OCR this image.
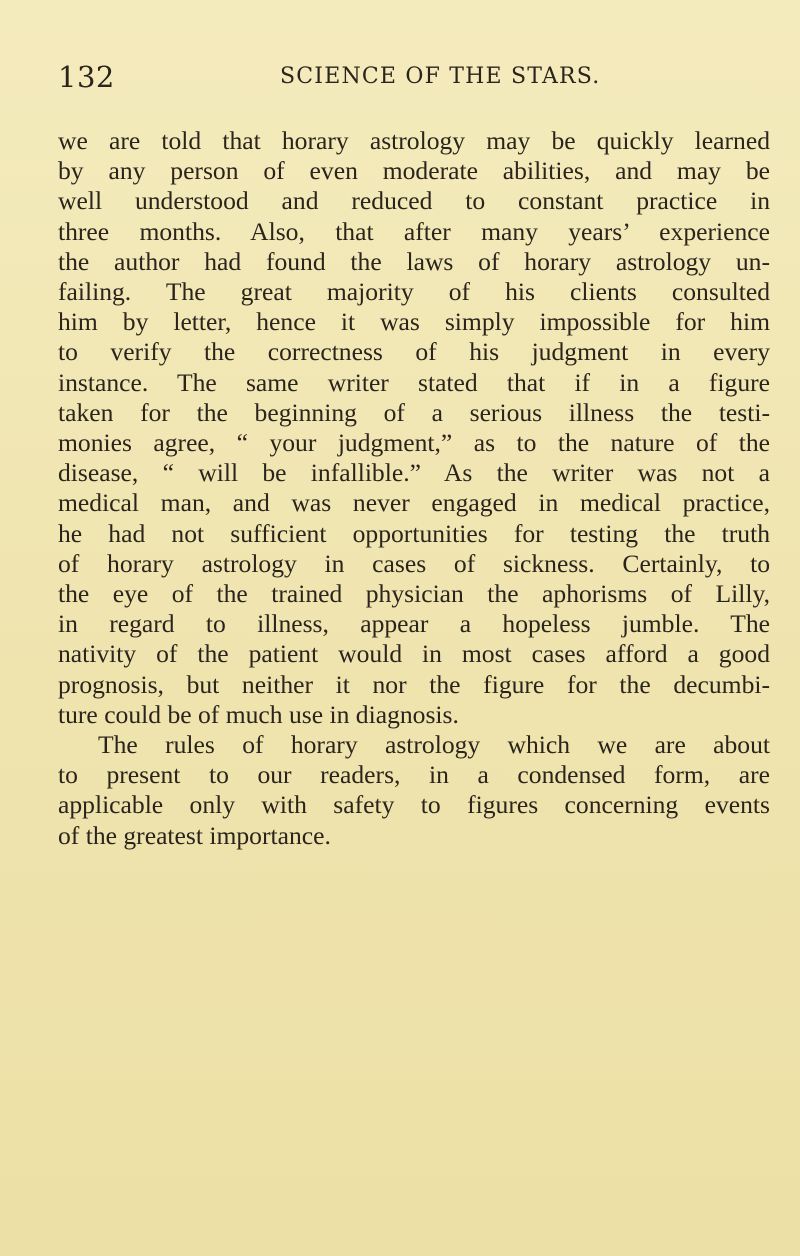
132	SCIENCE OF THE STARS.
we are told that horary astrology may be quickly learned
by any person of even moderate abilities, and may be
well understood and reduced to constant practice in
three months. Also, that after many years’ experience
the author had found the laws of horary astrology un-
failing. The great majority of his clients consulted
him by letter, hence it was simply impossible for him
to verify the correctness of his judgment in every
instance. The same writer stated that if in a figure
taken for the beginning of a serious illness the testi-
monies agree, “ your judgment,” as to the nature of the
disease, “ will be infallible.” As the writer was not a
medical man, and was never engaged in medical practice,
he had not sufficient opportunities for testing the truth
of horary astrology in cases of sickness. Certainly, to
the eye of the trained physician the aphorisms of Lilly,
in regard to illness, appear a hopeless jumble. The
nativity of the patient would in most cases afford a good
prognosis, but neither it nor the figure for the decumbi-
ture could be of much use in diagnosis.
The rules of horary astrology which we are about
to present to our readers, in a condensed form, are
applicable only with safety to figures concerning events
of the greatest importance.
